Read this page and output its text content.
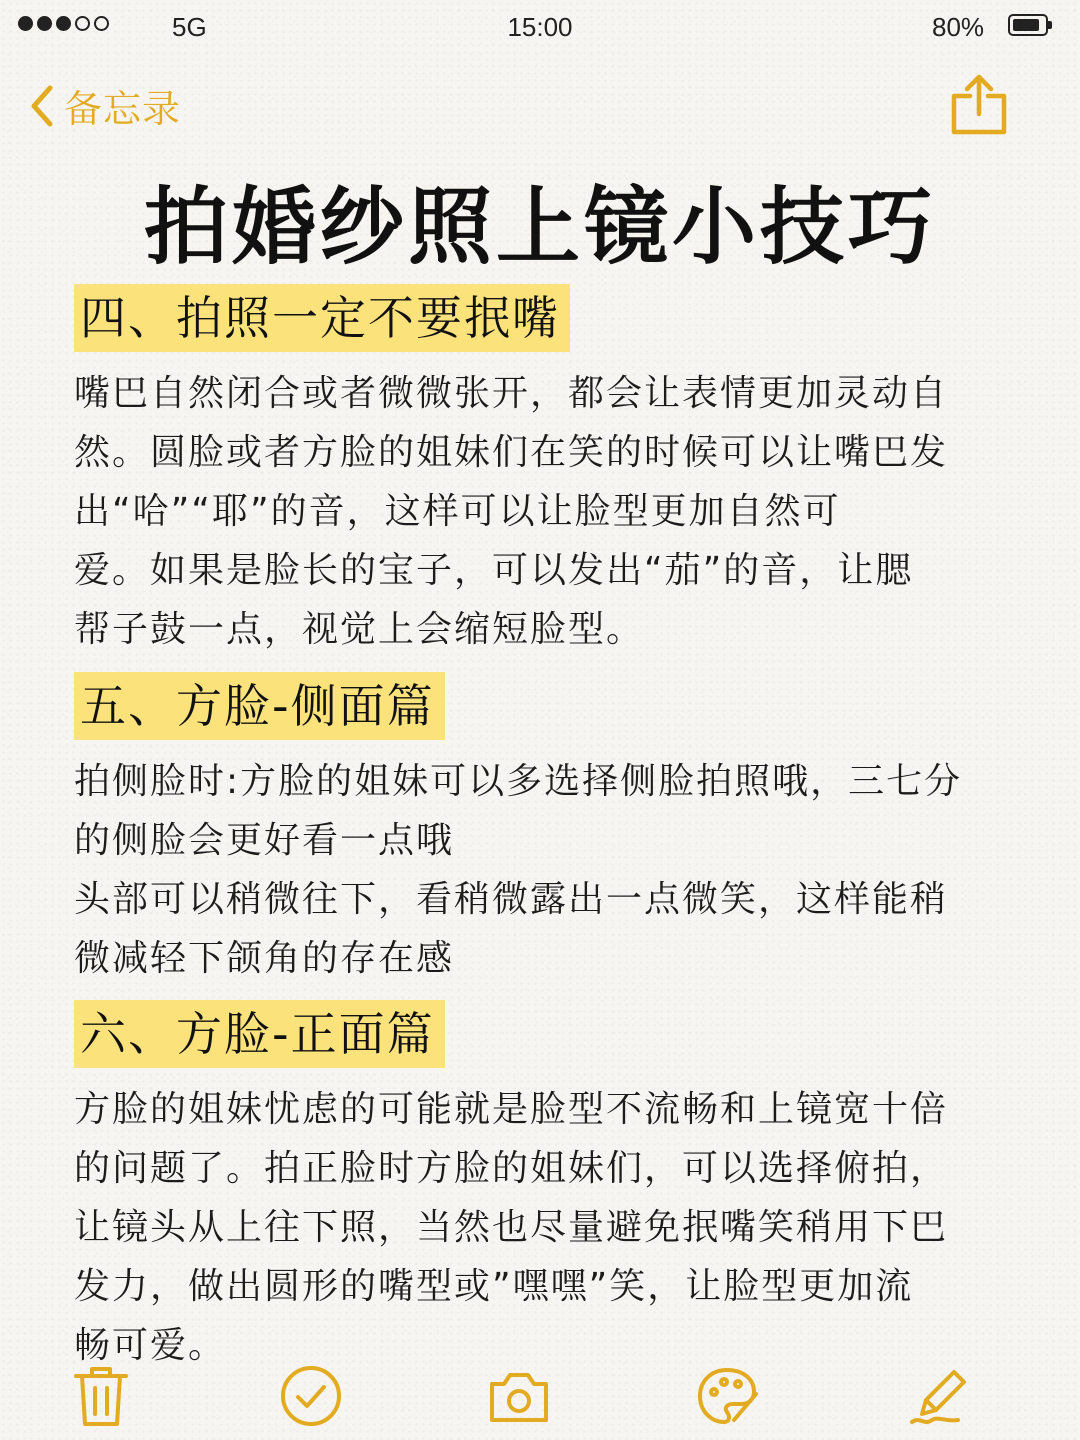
5G	15:00	80%
备忘录
拍婚纱照上镜小技巧
四、拍照一定不要抿嘴

嘴巴自然闭合或者微微张开，都会让表情更加灵动自
然。圆脸或者方脸的姐妹们在笑的时候可以让嘴巴发
出“哈”“耶”的音，这样可以让脸型更加自然可
爱。如果是脸长的宝子，可以发出“茄”的音，让腮
帮子鼓一点，视觉上会缩短脸型。

五、方脸-侧面篇

拍侧脸时:方脸的姐妹可以多选择侧脸拍照哦，三七分
的侧脸会更好看一点哦
头部可以稍微往下，看稍微露出一点微笑，这样能稍
微减轻下颌角的存在感

六、方脸-正面篇

方脸的姐妹忧虑的可能就是脸型不流畅和上镜宽十倍
的问题了。拍正脸时方脸的姐妹们，可以选择俯拍，
让镜头从上往下照，当然也尽量避免抿嘴笑稍用下巴
发力，做出圆形的嘴型或”嘿嘿”笑，让脸型更加流
畅可爱。
